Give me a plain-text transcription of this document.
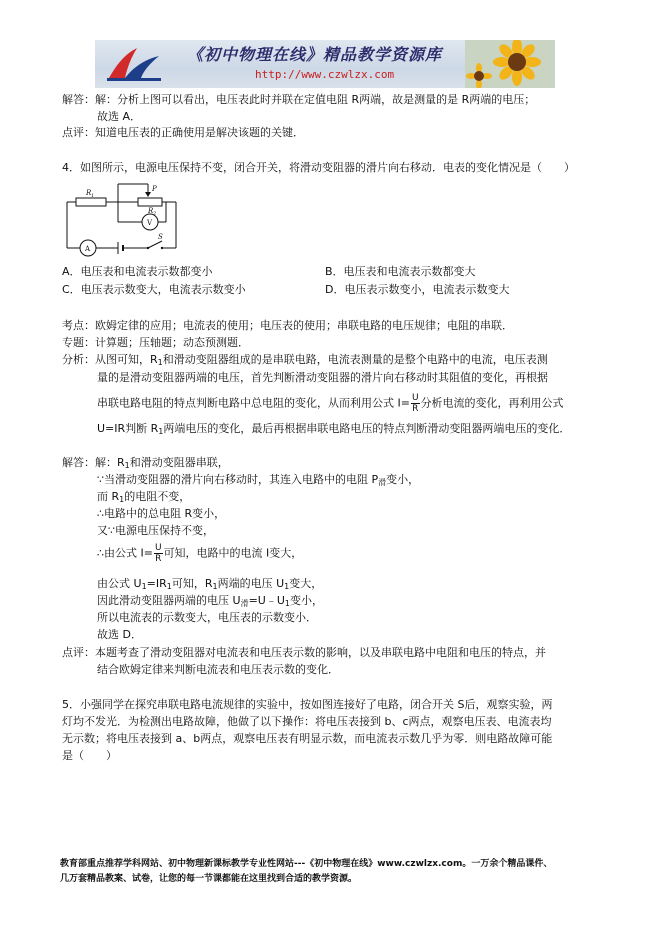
《初中物理在线》精品教学资源库
http://www.czwlzx.com
解答：解：分析上图可以看出，电压表此时并联在定值电阻 R两端，故是测量的是 R两端的电压；
故选 A．
点评：知道电压表的正确使用是解决该题的关键．
4．如图所示，电源电压保持不变，闭合开关，将滑动变阻器的滑片向右移动．电表的变化情况是（　　）
R 1
R 2
P
V
A
S
A．电压表和电流表示数都变小	B．电压表和电流表示数都变大
C．电压表示数变大，电流表示数变小	D．电压表示数变小，电流表示数变大
考点：欧姆定律的应用；电流表的使用；电压表的使用；串联电路的电压规律；电阻的串联．
专题：计算题；压轴题；动态预测题．
分析：从图可知，$R_1$和滑动变阻器组成的是串联电路，电流表测量的是整个电路中的电流，电压表测
量的是滑动变阻器两端的电压，首先判断滑动变阻器的滑片向右移动时其阻值的变化，再根据
串联电路电阻的特点判断电路中总电阻的变化，从而利用公式 $I= \frac{U}{R}$ 分析电流的变化，再利用公式
U=IR判断 $R_1$两端电压的变化，最后再根据串联电路电压的特点判断滑动变阻器两端电压的变化．
解答：解：$R_1$和滑动变阻器串联，
∵当滑动变阻器的滑片向右移动时，其连入电路中的电阻 $P_滑$变小，
而 $R_1$的电阻不变，
∴电路中的总电阻 R变小，
又∵电源电压保持不变，
∴由公式 $I= \frac{U}{R}$ 可知，电路中的电流 I变大，
由公式 $U_1=IR_1$可知，$R_1$两端的电压 $U_1$变大，
因此滑动变阻器两端的电压 $U_滑=U﹣U_1$变小，
所以电流表的示数变大，电压表的示数变小．
故选 D．
点评：本题考查了滑动变阻器对电流表和电压表示数的影响，以及串联电路中电阻和电压的特点，并
结合欧姆定律来判断电流表和电压表示数的变化．
5．小强同学在探究串联电路电流规律的实验中，按如图连接好了电路，闭合开关 S后，观察实验，两
灯均不发光．为检测出电路故障，他做了以下操作：将电压表接到 b、c两点，观察电压表、电流表均
无示数；将电压表接到 a、b两点，观察电压表有明显示数，而电流表示数几乎为零．则电路故障可能
是（　　）
教育部重点推荐学科网站、初中物理新课标教学专业性网站---《初中物理在线》www.czwlzx.com。一万余个精品课件、
几万套精品教案、试卷，让您的每一节课都能在这里找到合适的教学资源。
